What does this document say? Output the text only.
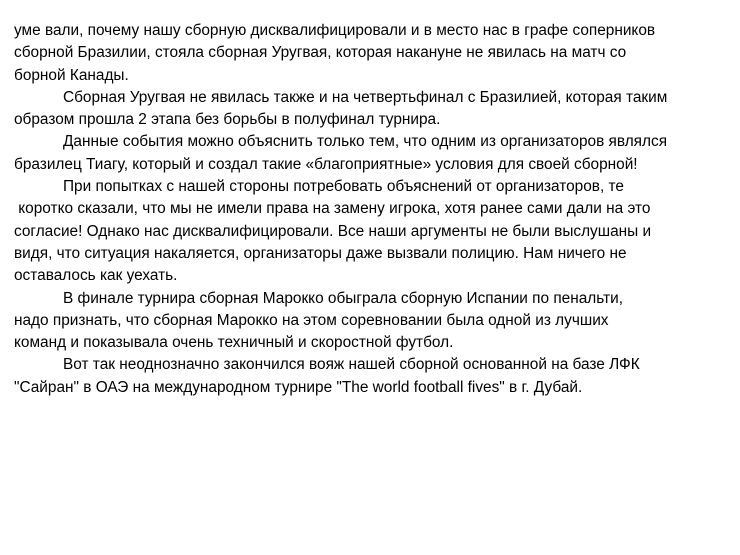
уме вали, почему нашу сборную дисквалифицировали и в место нас в графе соперников
сборной Бразилии, стояла сборная Уругвая, которая накануне не явилась на матч со
борной Канады.
Сборная Уругвая не явилась также и на четвертьфинал с Бразилией, которая таким
образом прошла 2 этапа без борьбы в полуфинал турнира.
Данные события можно объяснить только тем, что одним из организаторов являлся
бразилец Тиагу, который и создал такие «благоприятные» условия для своей сборной!
При попытках с нашей стороны потребовать объяснений от организаторов, те
коротко сказали, что мы не имели права на замену игрока, хотя ранее сами дали на это
согласие! Однако нас дисквалифицировали. Все наши аргументы не были выслушаны и
видя, что ситуация накаляется, организаторы даже вызвали полицию. Нам ничего не
оставалось как уехать.
В финале турнира сборная Марокко обыграла сборную Испании по пенальти,
надо признать, что сборная Марокко на этом соревновании была одной из лучших
команд и показывала очень техничный и скоростной футбол.
Вот так неоднозначно закончился вояж нашей сборной основанной на базе ЛФК
"Сайран" в ОАЭ на международном турнире "The world football fives" в г. Дубай.
